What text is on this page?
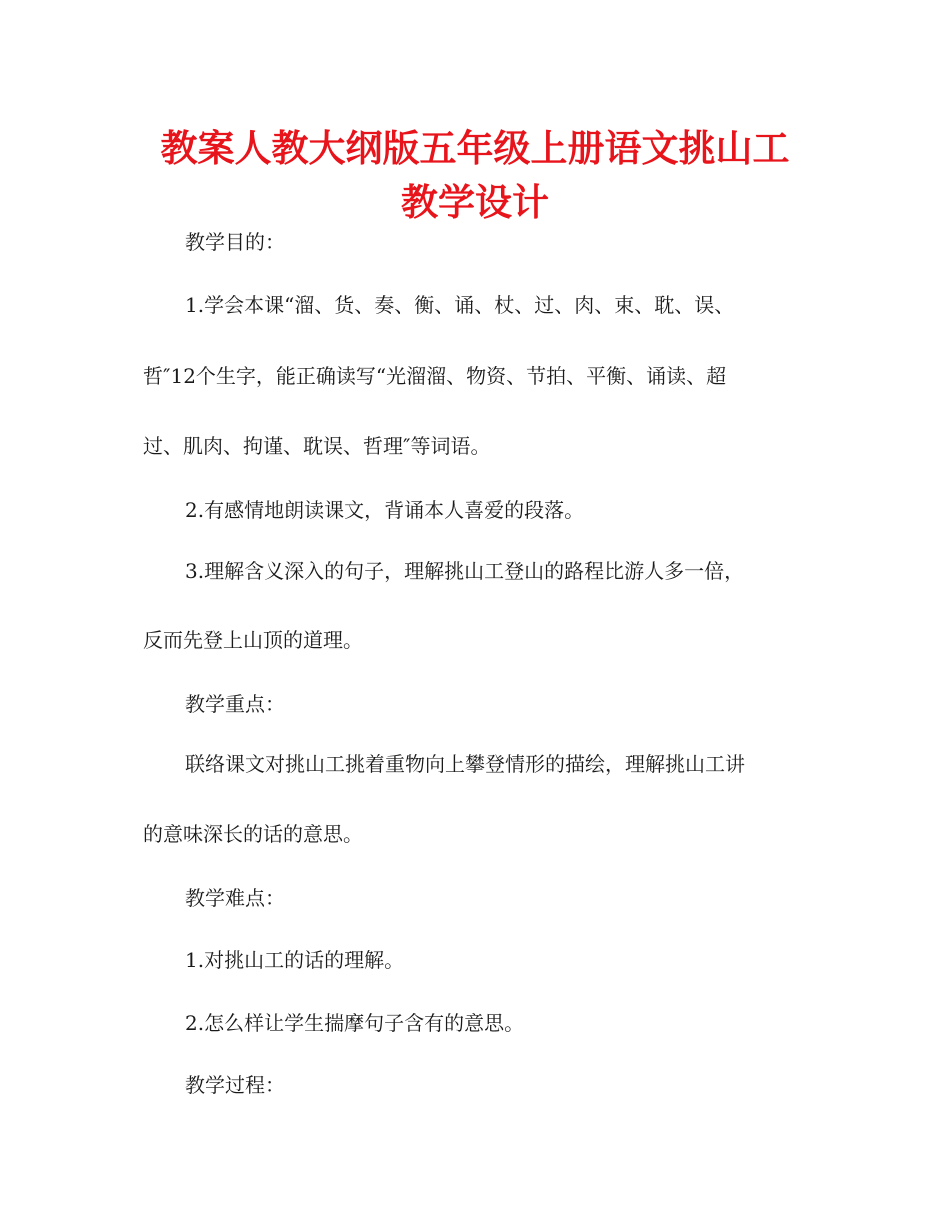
教案人教大纲版五年级上册语文挑山工
教学设计

教学目的：

1.学会本课“溜、货、奏、衡、诵、杖、过、肉、束、耽、误、

哲″12个生字，能正确读写“光溜溜、物资、节拍、平衡、诵读、超

过、肌肉、拘谨、耽误、哲理″等词语。

2.有感情地朗读课文，背诵本人喜爱的段落。

3.理解含义深入的句子，理解挑山工登山的路程比游人多一倍，

反而先登上山顶的道理。

教学重点：

联络课文对挑山工挑着重物向上攀登情形的描绘，理解挑山工讲

的意味深长的话的意思。

教学难点：

1.对挑山工的话的理解。

2.怎么样让学生揣摩句子含有的意思。

教学过程：
